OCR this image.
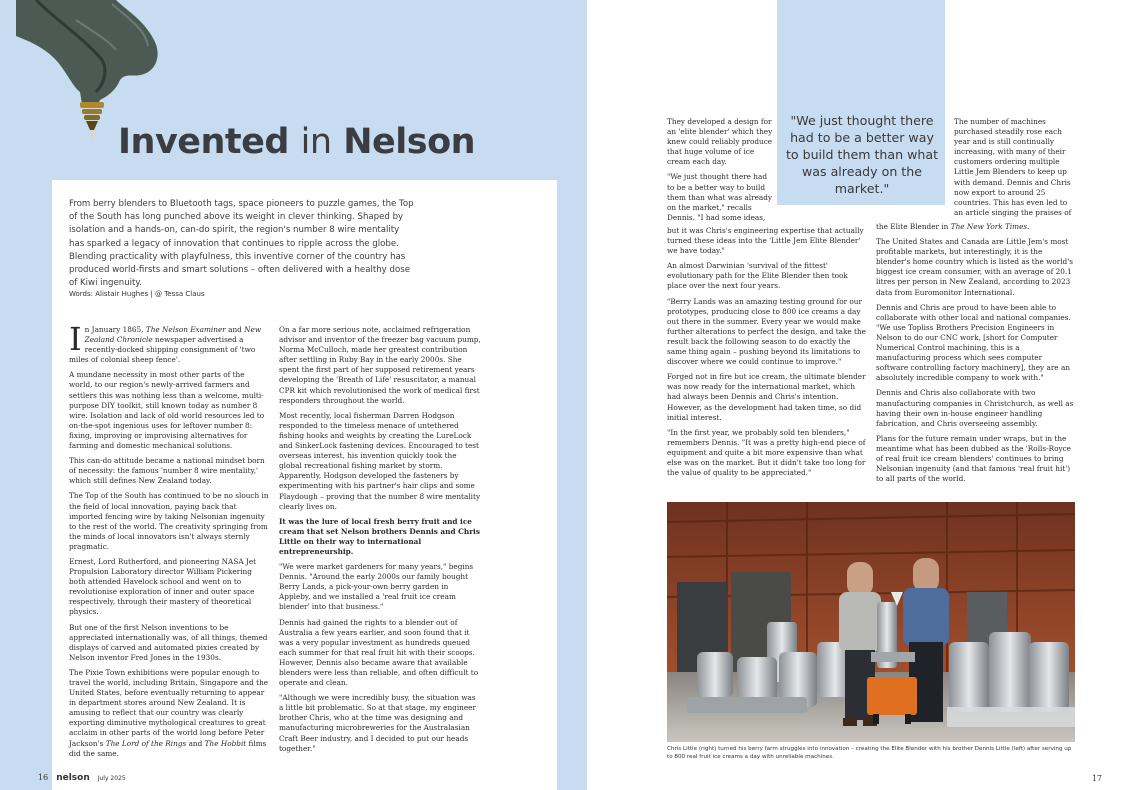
Invented in Nelson

From berry blenders to Bluetooth tags, space pioneers to puzzle games, the Top of the South has long punched above its weight in clever thinking. Shaped by isolation and a hands-on, can-do spirit, the region's number 8 wire mentality has sparked a legacy of innovation that continues to ripple across the globe. Blending practicality with playfulness, this inventive corner of the country has produced world-firsts and smart solutions – often delivered with a healthy dose of Kiwi ingenuity.

Words: Alistair Hughes | @ Tessa Claus

In January 1865, The Nelson Examiner and New Zealand Chronicle newspaper advertised a recently-docked shipping consignment of 'two miles of colonial sheep fence'.

A mundane necessity in most other parts of the world, to our region's newly-arrived farmers and settlers this was nothing less than a welcome, multi-purpose DIY toolkit, still known today as number 8 wire. Isolation and lack of old world resources led to on-the-spot ingenious uses for leftover number 8: fixing, improving or improvising alternatives for farming and domestic mechanical solutions.

This can-do attitude became a national mindset born of necessity: the famous 'number 8 wire mentality,' which still defines New Zealand today.

The Top of the South has continued to be no slouch in the field of local innovation, paying back that imported fencing wire by taking Nelsonian ingenuity to the rest of the world. The creativity springing from the minds of local innovators isn't always sternly pragmatic.

Ernest, Lord Rutherford, and pioneering NASA Jet Propulsion Laboratory director William Pickering both attended Havelock school and went on to revolutionise exploration of inner and outer space respectively, through their mastery of theoretical physics.

But one of the first Nelson inventions to be appreciated internationally was, of all things, themed displays of carved and automated pixies created by Nelson inventor Fred Jones in the 1930s.

The Pixie Town exhibitions were popular enough to travel the world, including Britain, Singapore and the United States, before eventually returning to appear in department stores around New Zealand. It is amusing to reflect that our country was clearly exporting diminutive mythological creatures to great acclaim in other parts of the world long before Peter Jackson's The Lord of the Rings and The Hobbit films did the same.

On a far more serious note, acclaimed refrigeration advisor and inventor of the freezer bag vacuum pump, Norma McCulloch, made her greatest contribution after settling in Ruby Bay in the early 2000s. She spent the first part of her supposed retirement years developing the 'Breath of Life' resuscitator, a manual CPR kit which revolutionised the work of medical first responders throughout the world.

Most recently, local fisherman Darren Hodgson responded to the timeless menace of untethered fishing hooks and weights by creating the LureLock and SinkerLock fastening devices. Encouraged to test overseas interest, his invention quickly took the global recreational fishing market by storm. Apparently, Hodgson developed the fasteners by experimenting with his partner's hair clips and some Playdough – proving that the number 8 wire mentality clearly lives on.

It was the lure of local fresh berry fruit and ice cream that set Nelson brothers Dennis and Chris Little on their way to international entrepreneurship.

"We were market gardeners for many years," begins Dennis. "Around the early 2000s our family bought Berry Lands, a pick-your-own berry garden in Appleby, and we installed a 'real fruit ice cream blender' into that business."

Dennis had gained the rights to a blender out of Australia a few years earlier, and soon found that it was a very popular investment as hundreds queued each summer for that real fruit hit with their scoops. However, Dennis also became aware that available blenders were less than reliable, and often difficult to operate and clean.

"Although we were incredibly busy, the situation was a little bit problematic. So at that stage, my engineer brother Chris, who at the time was designing and manufacturing microbreweries for the Australasian Craft Beer industry, and I decided to put our heads together."

16 nelson July 2025

"We just thought there had to be a better way to build them than what was already on the market."

They developed a design for an 'elite blender' which they knew could reliably produce that huge volume of ice cream each day.

"We just thought there had to be a better way to build them than what was already on the market," recalls Dennis. "I had some ideas,

but it was Chris's engineering expertise that actually turned these ideas into the 'Little Jem Elite Blender' we have today."

An almost Darwinian 'survival of the fittest' evolutionary path for the Elite Blender then took place over the next four years.

"Berry Lands was an amazing testing ground for our prototypes, producing close to 800 ice creams a day out there in the summer. Every year we would make further alterations to perfect the design, and take the result back the following season to do exactly the same thing again – pushing beyond its limitations to discover where we could continue to improve."

Forged not in fire but ice cream, the ultimate blender was now ready for the international market, which had always been Dennis and Chris's intention. However, as the development had taken time, so did initial interest.

"In the first year, we probably sold ten blenders," remembers Dennis. "It was a pretty high-end piece of equipment and quite a bit more expensive than what else was on the market. But it didn't take too long for the value of quality to be appreciated."

The number of machines purchased steadily rose each year and is still continually increasing, with many of their customers ordering multiple Little Jem Blenders to keep up with demand. Dennis and Chris now export to around 25 countries. This has even led to an article singing the praises of

the Elite Blender in The New York Times.

The United States and Canada are Little Jem's most profitable markets, but interestingly, it is the blender's home country which is listed as the world's biggest ice cream consumer, with an average of 20.1 litres per person in New Zealand, according to 2023 data from Euromonitor International.

Dennis and Chris are proud to have been able to collaborate with other local and national companies. "We use Topliss Brothers Precision Engineers in Nelson to do our CNC work, [short for Computer Numerical Control machining, this is a manufacturing process which sees computer software controlling factory machinery], they are an absolutely incredible company to work with."

Dennis and Chris also collaborate with two manufacturing companies in Christchurch, as well as having their own in-house engineer handling fabrication, and Chris overseeing assembly.

Plans for the future remain under wraps, but in the meantime what has been dubbed as the 'Rolls-Royce of real fruit ice cream blenders' continues to bring Nelsonian ingenuity (and that famous 'real fruit hit') to all parts of the world.

Chris Little (right) turned his berry farm struggles into innovation – creating the Elite Blender with his brother Dennis Little (left) after serving up to 800 real fruit ice creams a day with unreliable machines.

17
